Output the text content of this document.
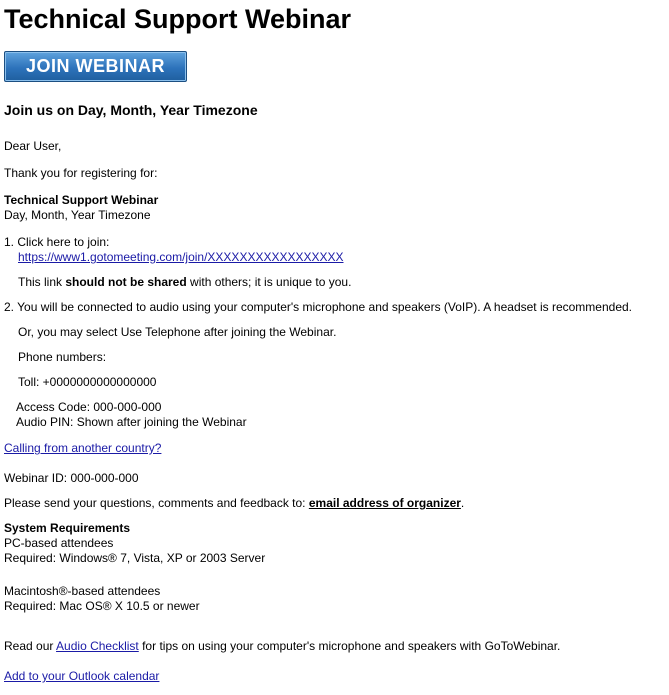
Technical Support Webinar
JOIN WEBINAR
Join us on Day, Month, Year Timezone
Dear User,
Thank you for registering for:
Technical Support Webinar
Day, Month, Year Timezone
1. Click here to join:
https://www1.gotomeeting.com/join/XXXXXXXXXXXXXXXXX
This link should not be shared with others; it is unique to you.
2. You will be connected to audio using your computer's microphone and speakers (VoIP). A headset is recommended.
Or, you may select Use Telephone after joining the Webinar.
Phone numbers:
Toll: +0000000000000000
Access Code: 000-000-000
Audio PIN: Shown after joining the Webinar
Calling from another country?
Webinar ID: 000-000-000
Please send your questions, comments and feedback to: email address of organizer.
System Requirements
PC-based attendees
Required: Windows® 7, Vista, XP or 2003 Server
Macintosh®-based attendees
Required: Mac OS® X 10.5 or newer
Read our Audio Checklist for tips on using your computer's microphone and speakers with GoToWebinar.
Add to your Outlook calendar
